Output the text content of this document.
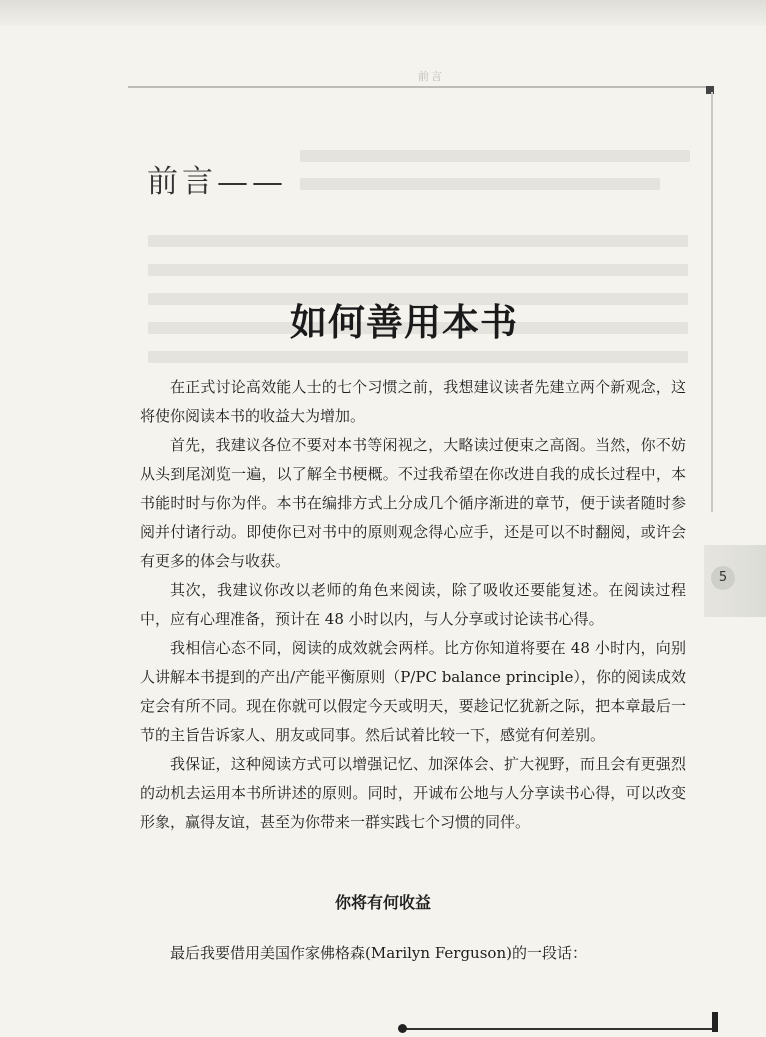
前言
前言——
如何善用本书

在正式讨论高效能人士的七个习惯之前，我想建议读者先建立两个新观念，这将使你阅读本书的收益大为增加。

首先，我建议各位不要对本书等闲视之，大略读过便束之高阁。当然，你不妨从头到尾浏览一遍，以了解全书梗概。不过我希望在你改进自我的成长过程中，本书能时时与你为伴。本书在编排方式上分成几个循序渐进的章节，便于读者随时参阅并付诸行动。即使你已对书中的原则观念得心应手，还是可以不时翻阅，或许会有更多的体会与收获。

其次，我建议你改以老师的角色来阅读，除了吸收还要能复述。在阅读过程中，应有心理准备，预计在 48 小时以内，与人分享或讨论读书心得。

我相信心态不同，阅读的成效就会两样。比方你知道将要在 48 小时内，向别人讲解本书提到的产出/产能平衡原则（P/PC balance principle），你的阅读成效定会有所不同。现在你就可以假定今天或明天，要趁记忆犹新之际，把本章最后一节的主旨告诉家人、朋友或同事。然后试着比较一下，感觉有何差别。

我保证，这种阅读方式可以增强记忆、加深体会、扩大视野，而且会有更强烈的动机去运用本书所讲述的原则。同时，开诚布公地与人分享读书心得，可以改变形象，赢得友谊，甚至为你带来一群实践七个习惯的同伴。

你将有何收益
最后我要借用美国作家佛格森(Marilyn Ferguson)的一段话：
5
